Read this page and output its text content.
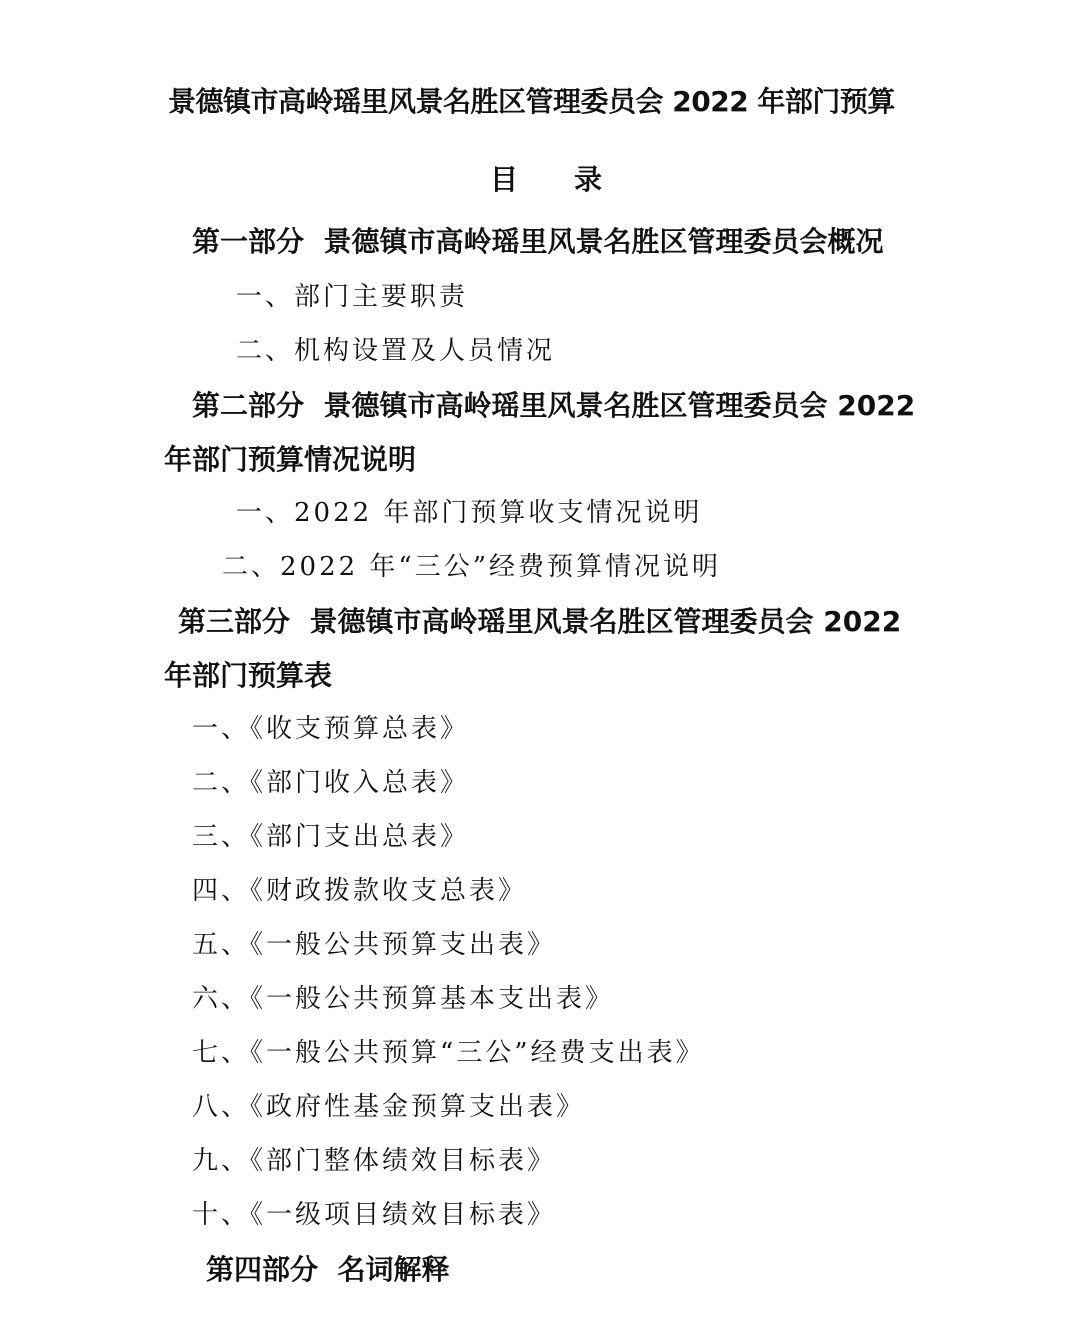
景德镇市高岭瑶里风景名胜区管理委员会 2022 年部门预算
目　　录
第一部分  景德镇市高岭瑶里风景名胜区管理委员会概况
一、部门主要职责
二、机构设置及人员情况
第二部分  景德镇市高岭瑶里风景名胜区管理委员会 2022
年部门预算情况说明
一、2022 年部门预算收支情况说明
二、2022 年“三公”经费预算情况说明
第三部分  景德镇市高岭瑶里风景名胜区管理委员会 2022
年部门预算表
一、《收支预算总表》
二、《部门收入总表》
三、《部门支出总表》
四、《财政拨款收支总表》
五、《一般公共预算支出表》
六、《一般公共预算基本支出表》
七、《一般公共预算“三公”经费支出表》
八、《政府性基金预算支出表》
九、《部门整体绩效目标表》
十、《一级项目绩效目标表》
第四部分  名词解释
